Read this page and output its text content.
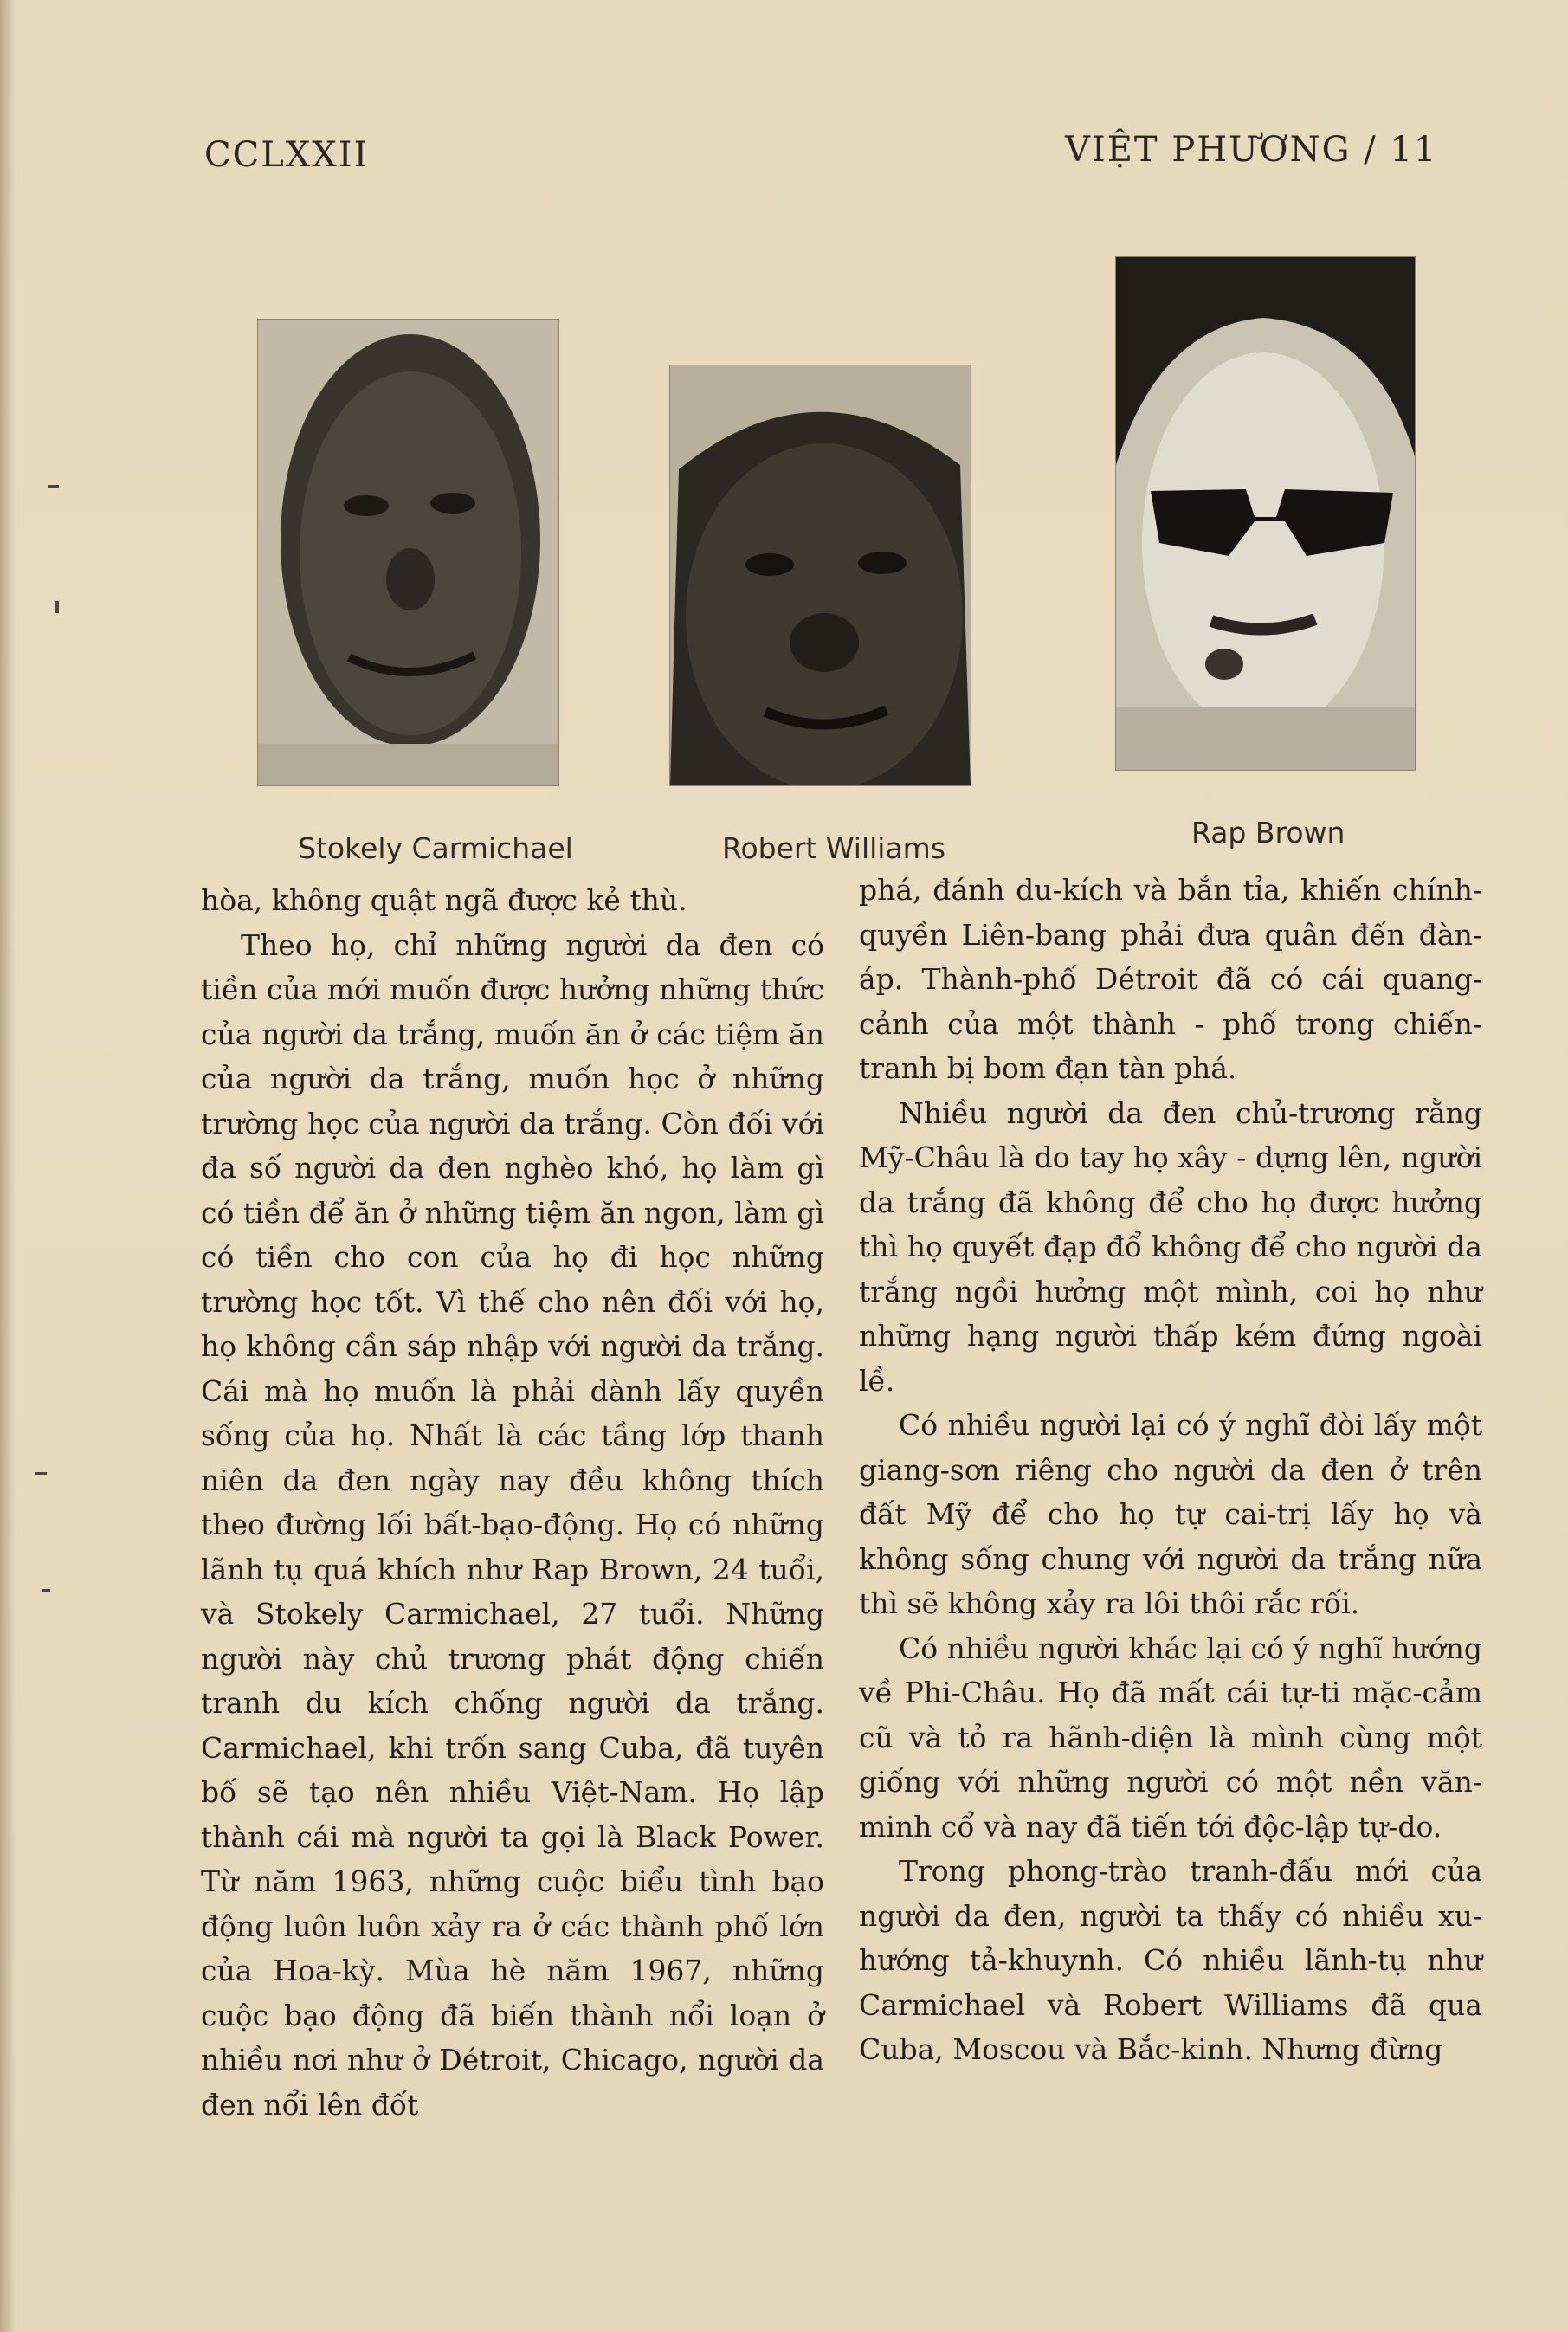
CCLXXII	VIỆT PHƯƠNG / 11
Stokely Carmichael	Robert Williams	Rap Brown

hòa, không quật ngã được kẻ thù.

Theo họ, chỉ những người da đen có tiền của mới muốn được hưởng những thức của người da trắng, muốn ăn ở các tiệm ăn của người da trắng, muốn học ở những trường học của người da trắng. Còn đối với đa số người da đen nghèo khó, họ làm gì có tiền để ăn ở những tiệm ăn ngon, làm gì có tiền cho con của họ đi học những trường học tốt. Vì thế cho nên đối với họ, họ không cần sáp nhập với người da trắng. Cái mà họ muốn là phải dành lấy quyền sống của họ. Nhất là các tầng lớp thanh niên da đen ngày nay đều không thích theo đường lối bất-bạo-động. Họ có những lãnh tụ quá khích như Rap Brown, 24 tuổi, và Stokely Carmichael, 27 tuổi. Những người này chủ trương phát động chiến tranh du kích chống người da trắng. Carmichael, khi trốn sang Cuba, đã tuyên bố sẽ tạo nên nhiều Việt-Nam. Họ lập thành cái mà người ta gọi là Black Power. Từ năm 1963, những cuộc biểu tình bạo động luôn luôn xảy ra ở các thành phố lớn của Hoa-kỳ. Mùa hè năm 1967, những cuộc bạo động đã biến thành nổi loạn ở nhiều nơi như ở Détroit, Chicago, người da đen nổi lên đốt

phá, đánh du-kích và bắn tỉa, khiến chính-quyền Liên-bang phải đưa quân đến đàn-áp. Thành-phố Détroit đã có cái quang-cảnh của một thành - phố trong chiến-tranh bị bom đạn tàn phá.

Nhiều người da đen chủ-trương rằng Mỹ-Châu là do tay họ xây - dựng lên, người da trắng đã không để cho họ được hưởng thì họ quyết đạp đổ không để cho người da trắng ngồi hưởng một mình, coi họ như những hạng người thấp kém đứng ngoài lề.

Có nhiều người lại có ý nghĩ đòi lấy một giang-sơn riêng cho người da đen ở trên đất Mỹ để cho họ tự cai-trị lấy họ và không sống chung với người da trắng nữa thì sẽ không xảy ra lôi thôi rắc rối.

Có nhiều người khác lại có ý nghĩ hướng về Phi-Châu. Họ đã mất cái tự-ti mặc-cảm cũ và tỏ ra hãnh-diện là mình cùng một giống với những người có một nền văn-minh cổ và nay đã tiến tới độc-lập tự-do.

Trong phong-trào tranh-đấu mới của người da đen, người ta thấy có nhiều xu-hướng tả-khuynh. Có nhiều lãnh-tụ như Carmichael và Robert Williams đã qua Cuba, Moscou và Bắc-kinh. Nhưng đừng
